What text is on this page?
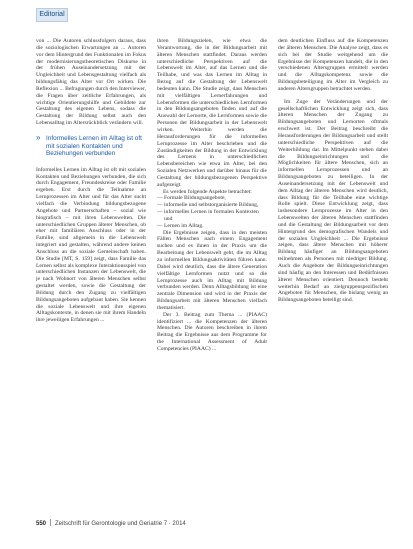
Editorial

von ... Die Autoren schlussfolgern daraus, dass die soziologischen Erwartungen an ... Autoren vor dem Hintergrund des Funktionalen im Fokus der modernisierungstheoretischen Diskurse in der frühen Auseinandersetzung mit der Ungleichheit und Lebensgestaltung vielfach als bildungsfähig das Alter vor Ort wirken. Die Reflexion ... Befragungen durch den Interviewer, die Fragen über zeitliche Erfahrungen, als wichtige Orientierungshilfe und Gebildete zur Gestaltung des eigenen Lebens, sodass die Gestaltung der Bildung selbst auch den Lebensalltag im Altersrückblick verändern will.

» Informelles Lernen im Alltag ist oft mit sozialen Kontakten und Beziehungen verbunden

Informelles Lernen im Alltag ist oft mit sozialen Kontakten und Beziehungen verbunden, die sich durch Engagement, Freundeskreise oder Familie ergeben. Erst durch die Teilnahme an Lernprozessen im Alter und für das Alter sucht vielfach die Verbindung bildungsbezogene Angebote und Partnerschaften – sozial wie biografisch – mit ihren Lebenswelten. Die unterschiedlichen Gruppen älterer Menschen, ob eher mit familiären Anschluss oder in der Familie, sind allgemein in die Lebenswelt integriert und gestalten, während andere keinen Anschluss an die soziale Gemeinschaft haben. Die Studie [MT, S. 159] zeigt, dass Familie das Lernen selbst als komplexe Interaktionsspiel von unterschiedlichen Instanzen der Lebenswelt, die je nach Wohnort von älteren Menschen selbst gestaltet werden, sowie die Gestaltung der Bildung durch den Zugang zu vielfältigen Bildungsangeboten aufgebaut haben. Sie kennen die soziale Lebenswelt und ihre eigenen Alltagskontexte, in denen sie mit ihrem Handeln ihre jeweiligen Erfahrungen ...

ihren Bildungszielen, wie etwa die Verantwortung, die in der Bildungsarbeit mit älteren Menschen stattfindet. Daraus werden unterschiedliche Perspektiven auf die Lebenswelt im Alter, auf das Lernen und die Teilhabe, und was das Lernen im Alltag in Bezug auf die Gestaltung der Lebenswelt bedeuten kann. Die Studie zeigt, dass Menschen mit vielfältigen Lernerfahrungen und Lebensformen die unterschiedlichen Lernformen in den Bildungsangeboten finden und auf die Auswahl der Lernorte, die Lernformen sowie die Personen der Bildungsarbeit in der Lebenswelt wirken. Weiterhin werden die Herausforderungen für die informellen Lernprozesse im Alter beschrieben und die Zuständigkeiten der Bildung in der Entwicklung des Lernens in unterschiedlichen Lebensbereichen wie etwa im Alter, bei den Sozialen Netzwerken und darüber hinaus für die Gestaltung der bildungsbezogenen Perspektive aufgezeigt.

Es werden folgende Aspekte betrachtet:

— Formale Bildungsangebote,
— informelle und selbstorganisierte Bildung,
— informelles Lernen in formalen Kontexten und
— Lernen im Alltag.

Die Ergebnisse zeigen, dass in den meisten Fällen Menschen nach einem Engagement suchen und es ihnen in der Praxis um die Bearbeitung der Lebenswelt geht, die im Alltag zu informellen Bildungsaktivitäten führen kann. Dabei wird deutlich, dass die ältere Generation vielfältige Lernformen nutzt und so die Lernprozesse auch im Alltag mit Bildung verbunden werden. Denn Alltagsbildung ist eine zentrale Dimension und wird in der Praxis der Bildungsarbeit mit älteren Menschen vielfach thematisiert.

Der 3. Beitrag zum Thema ... (PIAAC) identifiziert ... die Kompetenzen der älteren Menschen. Die Autoren beschreiben in ihrem Beitrag die Ergebnisse aus dem Programme for the International Assessment of Adult Competencies (PIAAC) ...

dem deutlichen Einfluss auf die Kompetenzen der älteren Menschen. Die Analyse zeigt, dass es sich bei der Studie weitgehend um die Ergebnisse der Kompetenzen handelt, die in den verschiedenen Altersgruppen ermittelt werden und die Alltagskompetenz sowie die Bildungsbeteiligung im Alter im Vergleich zu anderen Altersgruppen betrachtet werden.

Im Zuge der Veränderungen und der gesellschaftlichen Entwicklung zeigt sich, dass älteren Menschen der Zugang zu Bildungsangeboten und Lernorten oftmals erschwert ist. Der Beitrag beschreibt die Herausforderungen der Bildungsarbeit und stellt unterschiedliche Perspektiven auf die Weiterbildung dar. Im Mittelpunkt stehen dabei die Bildungseinrichtungen und die Möglichkeiten für ältere Menschen, sich an informellen Lernprozessen und an Bildungsangeboten zu beteiligen. In der Auseinandersetzung mit der Lebenswelt und dem Alltag der älteren Menschen wird deutlich, dass Bildung für die Teilhabe eine wichtige Rolle spielt. Diese Entwicklung zeigt, dass insbesondere Lernprozesse im Alter in den Lebenswelten der älteren Menschen stattfinden und die Gestaltung der Bildungsarbeit vor dem Hintergrund des demografischen Wandels und der sozialen Ungleichheit ... Die Ergebnisse zeigen, dass ältere Menschen mit höherer Bildung häufiger an Bildungsangeboten teilnehmen als Personen mit niedriger Bildung. Auch die Angebote der Bildungseinrichtungen sind häufig an den Interessen und Bedürfnissen älterer Menschen orientiert. Dennoch besteht weiterhin Bedarf an zielgruppenspezifischen Angeboten für Menschen, die bislang wenig an Bildungsangeboten beteiligt sind.

550 Zeitschrift für Gerontologie und Geriatrie 7 · 2014
